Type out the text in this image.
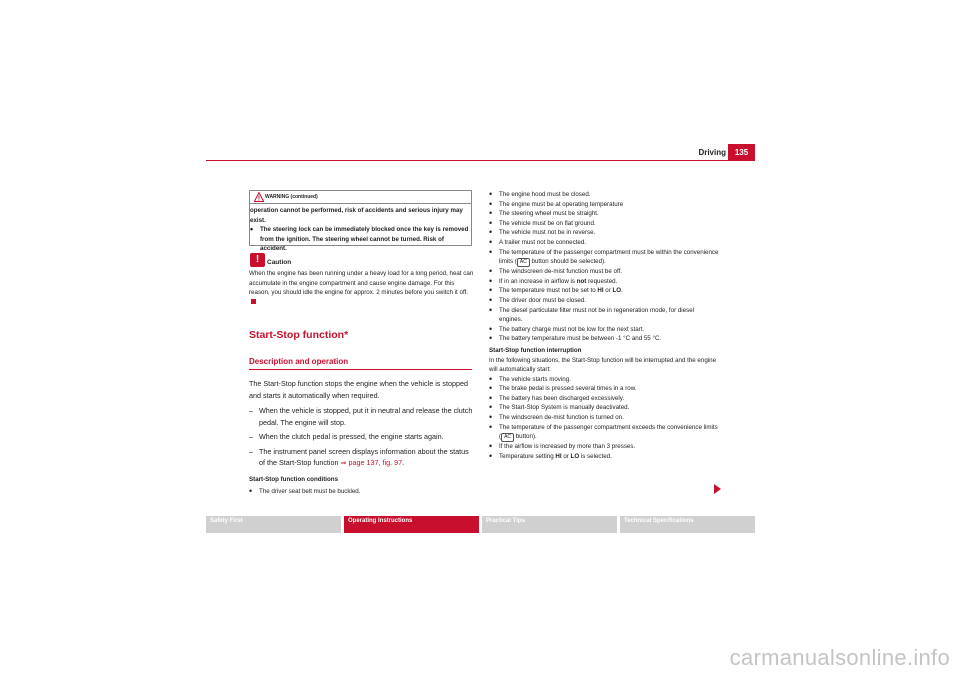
Driving	135
WARNING (continued)

operation cannot be performed, risk of accidents and serious injury may exist.

•
The steering lock can be immediately blocked once the key is removed from the ignition. The steering wheel cannot be turned. Risk of accident.

!	Caution
When the engine has been running under a heavy load for a long period, heat can accumulate in the engine compartment and cause engine damage. For this reason, you should idle the engine for approx. 2 minutes before you switch it off.
Start-Stop function*
Description and operation
The Start-Stop function stops the engine when the vehicle is stopped and starts it automatically when required.
– When the vehicle is stopped, put it in neutral and release the clutch pedal. The engine will stop.
– When the clutch pedal is pressed, the engine starts again.
– The instrument panel screen displays information about the status of the Start-Stop function ⇒ page 137, fig. 97.
Start-Stop function conditions
•
The driver seat belt must be buckled.
•
The engine hood must be closed.
•
The engine must be at operating temperature
•
The steering wheel must be straight.
•
The vehicle must be on flat ground.
•
The vehicle must not be in reverse.
•
A trailer must not be connected.
•
The temperature of the passenger compartment must be within the convenience limits ( AC button should be selected).
•
The windscreen de-mist function must be off.
•
If in an increase in airflow is not requested.
•
The temperature must not be set to HI or LO.
•
The driver door must be closed.
•
The diesel particulate filter must not be in regeneration mode, for diesel engines.
•
The battery charge must not be low for the next start.
•
The battery temperature must be between -1 °C and 55 °C.
Start-Stop function interruption
In the following situations, the Start-Stop function will be interrupted and the engine will automatically start:
•
The vehicle starts moving.
•
The brake pedal is pressed several times in a row.
•
The battery has been discharged excessively.
•
The Start-Stop System is manually deactivated.
•
The windscreen de-mist function is turned on.
•
The temperature of the passenger compartment exceeds the convenience limits ( AC button).
•
If the airflow is increased by more than 3 presses.
•
Temperature setting HI or LO is selected.
Safety First	Operating Instructions	Practical Tips	Technical Specifications
carmanualsonline.info
